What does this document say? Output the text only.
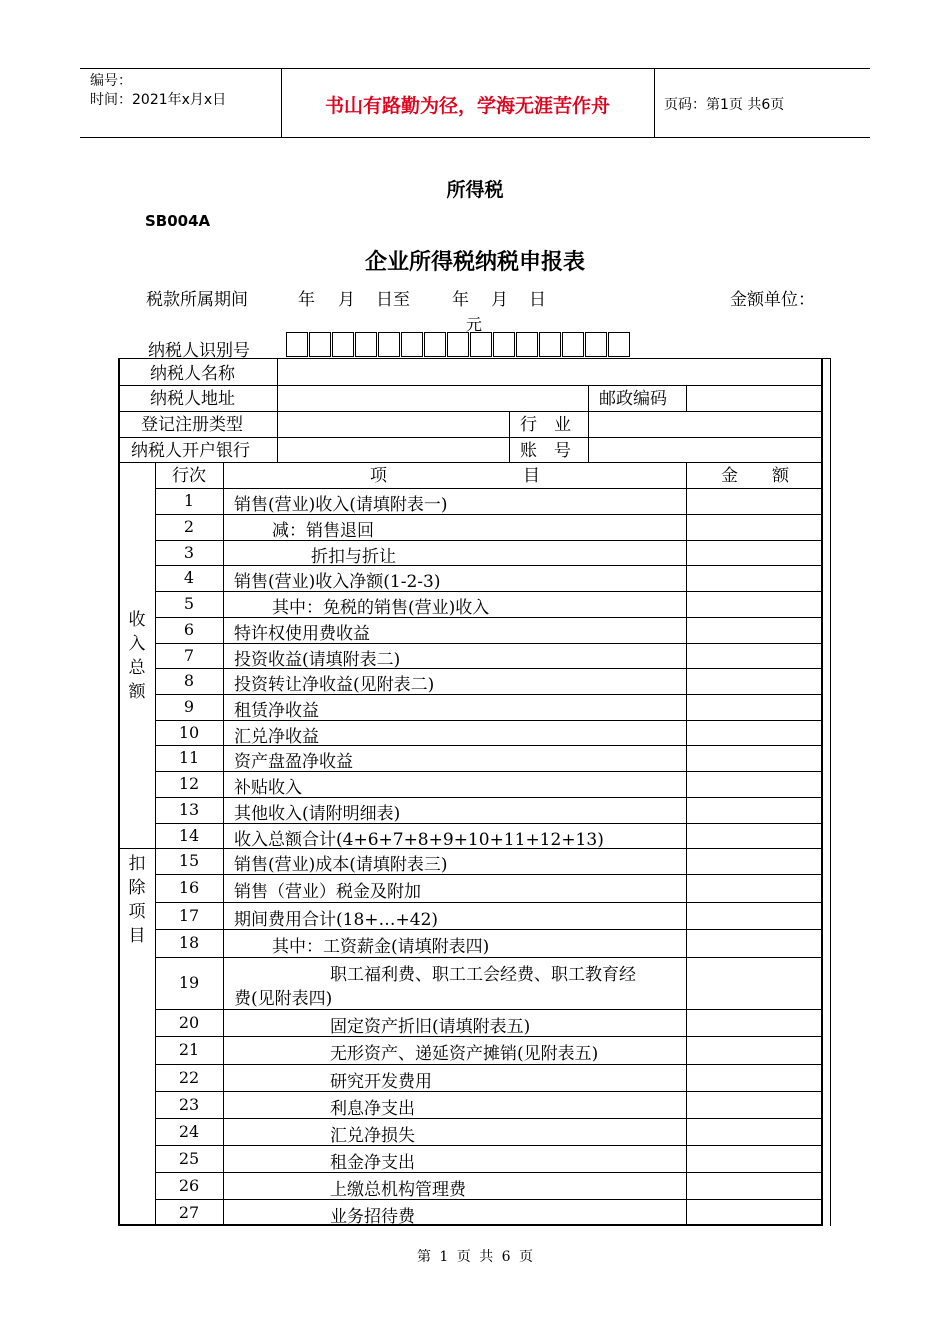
编号：
时间：2021年x月x日	书山有路勤为径，学海无涯苦作舟	页码：第1页 共6页
所得税
SB004A
企业所得税纳税申报表
税款所属期间	年 月 日至 年 月 日	金额单位：
元
纳税人识别号
纳税人名称
纳税人地址	邮政编码
登记注册类型	行　业
纳税人开户银行	账　号
行次	项　　　　　　　　目	金　　额
收
入
总
额
扣
除
项
目
1	销售(营业)收入(请填附表一)
2	减：销售退回
3	折扣与折让
4	销售(营业)收入净额(1-2-3)
5	其中：免税的销售(营业)收入
6	特许权使用费收益
7	投资收益(请填附表二)
8	投资转让净收益(见附表二)
9	租赁净收益
10	汇兑净收益
11	资产盘盈净收益
12	补贴收入
13	其他收入(请附明细表)
14	收入总额合计(4+6+7+8+9+10+11+12+13)
15	销售(营业)成本(请填附表三)
16	销售（营业）税金及附加
17	期间费用合计(18+…+42)
18	其中：工资薪金(请填附表四)
19	职工福利费、职工工会经费、职工教育经
费(见附表四)
20	固定资产折旧(请填附表五)
21	无形资产、递延资产摊销(见附表五)
22	研究开发费用
23	利息净支出
24	汇兑净损失
25	租金净支出
26	上缴总机构管理费
27	业务招待费
第 1 页 共 6 页
